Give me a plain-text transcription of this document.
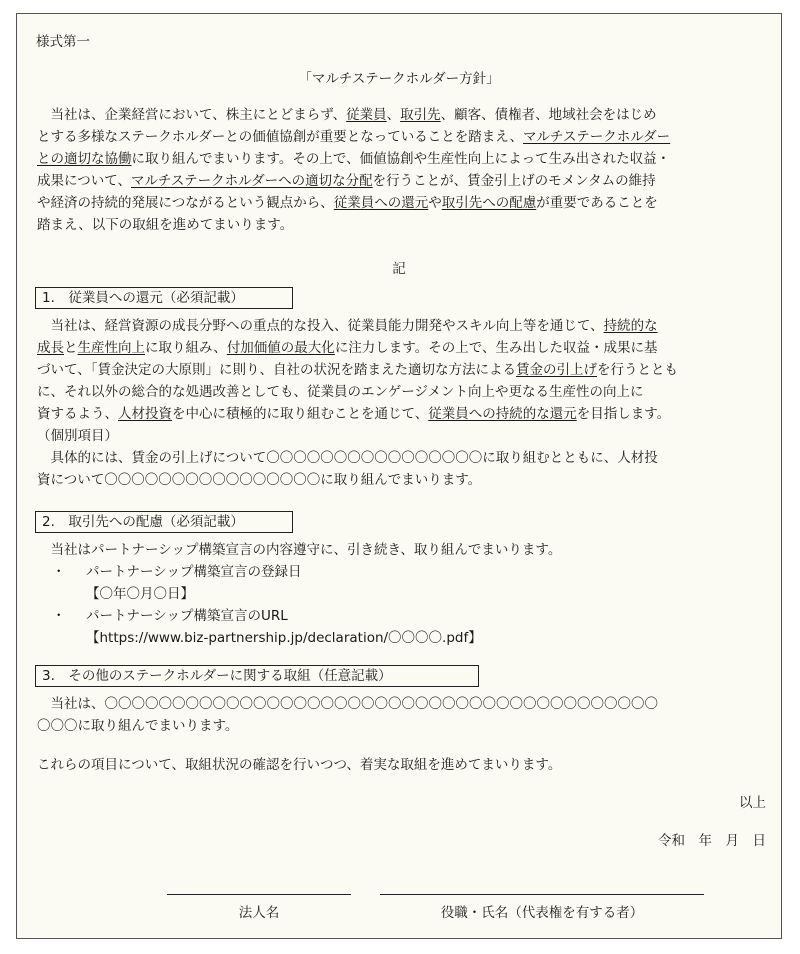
様式第一
「マルチステークホルダー方針」
　当社は、企業経営において、株主にとどまらず、従業員、取引先、顧客、債権者、地域社会をはじめ
とする多様なステークホルダーとの価値協創が重要となっていることを踏まえ、マルチステークホルダー
との適切な協働に取り組んでまいります。その上で、価値協創や生産性向上によって生み出された収益・
成果について、マルチステークホルダーへの適切な分配を行うことが、賃金引上げのモメンタムの維持
や経済の持続的発展につながるという観点から、従業員への還元や取引先への配慮が重要であることを
踏まえ、以下の取組を進めてまいります。
記
1.　従業員への還元（必須記載）
　当社は、経営資源の成長分野への重点的な投入、従業員能力開発やスキル向上等を通じて、持続的な
成長と生産性向上に取り組み、付加価値の最大化に注力します。その上で、生み出した収益・成果に基
づいて、「賃金決定の大原則」に則り、自社の状況を踏まえた適切な方法による賃金の引上げを行うととも
に、それ以外の総合的な処遇改善としても、従業員のエンゲージメント向上や更なる生産性の向上に
資するよう、人材投資を中心に積極的に取り組むことを通じて、従業員への持続的な還元を目指します。
（個別項目）
　具体的には、賃金の引上げについて〇〇〇〇〇〇〇〇〇〇〇〇〇〇〇〇に取り組むとともに、人材投
資について〇〇〇〇〇〇〇〇〇〇〇〇〇〇〇〇に取り組んでまいります。
2.　取引先への配慮（必須記載）
　当社はパートナーシップ構築宣言の内容遵守に、引き続き、取り組んでまいります。
・ パートナーシップ構築宣言の登録日
【〇年〇月〇日】
・ パートナーシップ構築宣言のURL
【https://www.biz-partnership.jp/declaration/〇〇〇〇.pdf】
3.　その他のステークホルダーに関する取組（任意記載）
　当社は、〇〇〇〇〇〇〇〇〇〇〇〇〇〇〇〇〇〇〇〇〇〇〇〇〇〇〇〇〇〇〇〇〇〇〇〇〇〇〇〇〇
〇〇〇に取り組んでまいります。
これらの項目について、取組状況の確認を行いつつ、着実な取組を進めてまいります。
以上
令和　年　月　日
法人名	役職・氏名（代表権を有する者）
